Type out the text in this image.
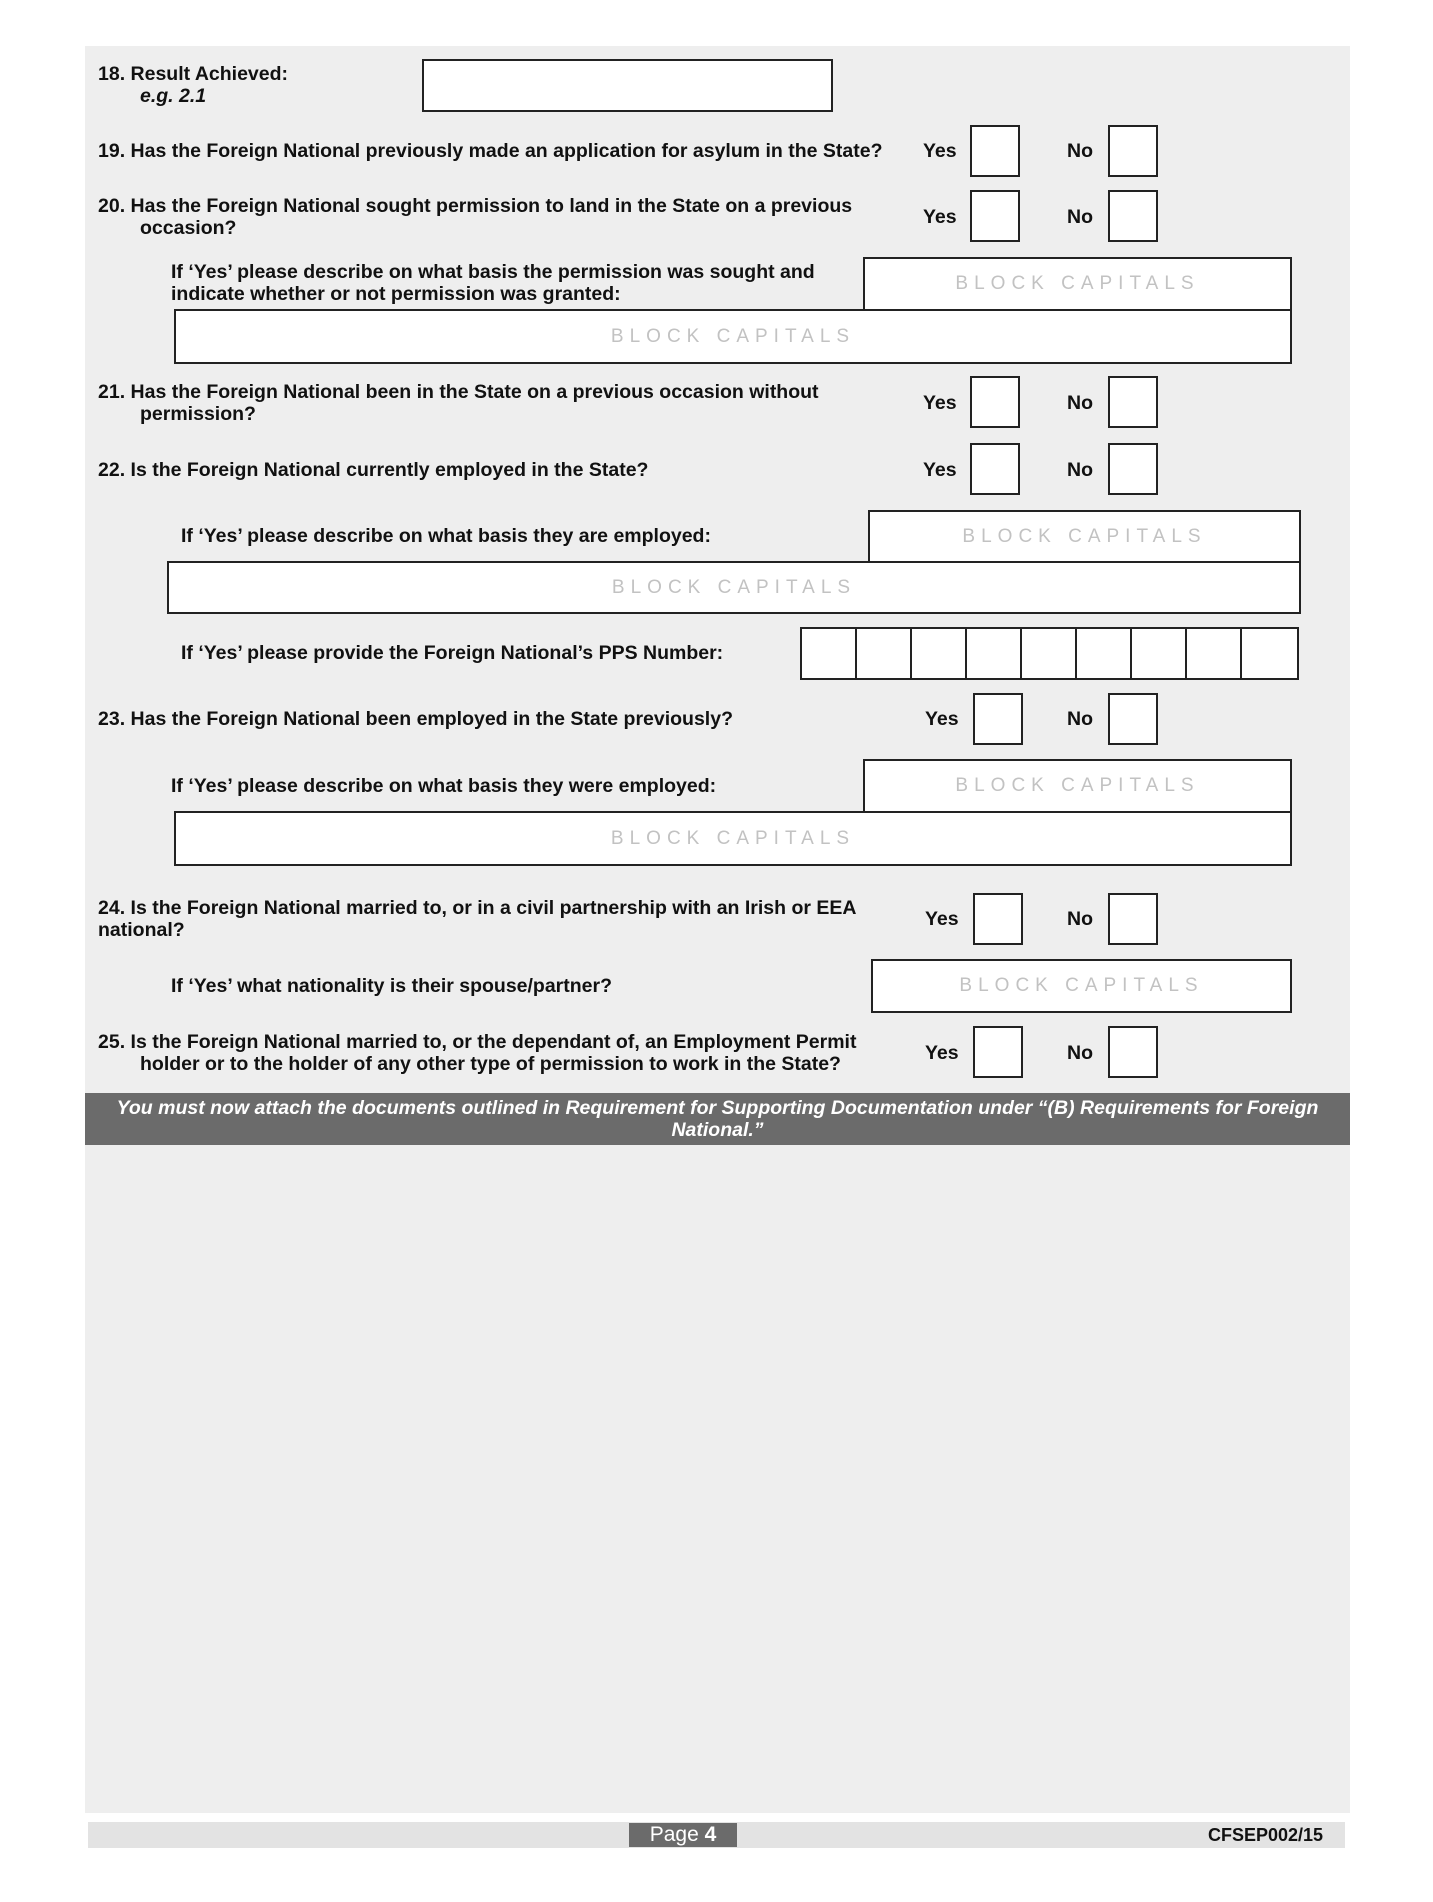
18. Result Achieved:
e.g. 2.1
19. Has the Foreign National previously made an application for asylum in the State? Yes	No
20. Has the Foreign National sought permission to land in the State on a previous
occasion?	Yes	No
If ‘Yes’ please describe on what basis the permission was sought and
indicate whether or not permission was granted:	BLOCK CAPITALS
BLOCK CAPITALS
21. Has the Foreign National been in the State on a previous occasion without
permission?	Yes	No
22. Is the Foreign National currently employed in the State?	Yes	No
If ‘Yes’ please describe on what basis they are employed:	BLOCK CAPITALS
BLOCK CAPITALS
If ‘Yes’ please provide the Foreign National’s PPS Number:
23. Has the Foreign National been employed in the State previously?	Yes	No
If ‘Yes’ please describe on what basis they were employed:	BLOCK CAPITALS
BLOCK CAPITALS
24. Is the Foreign National married to, or in a civil partnership with an Irish or EEA
national?	Yes	No
If ‘Yes’ what nationality is their spouse/partner?	BLOCK CAPITALS
25. Is the Foreign National married to, or the dependant of, an Employment Permit
holder or to the holder of any other type of permission to work in the State?	Yes	No
You must now attach the documents outlined in Requirement for Supporting Documentation under “(B) Requirements for Foreign
National.”
Page 4	CFSEP002/15
